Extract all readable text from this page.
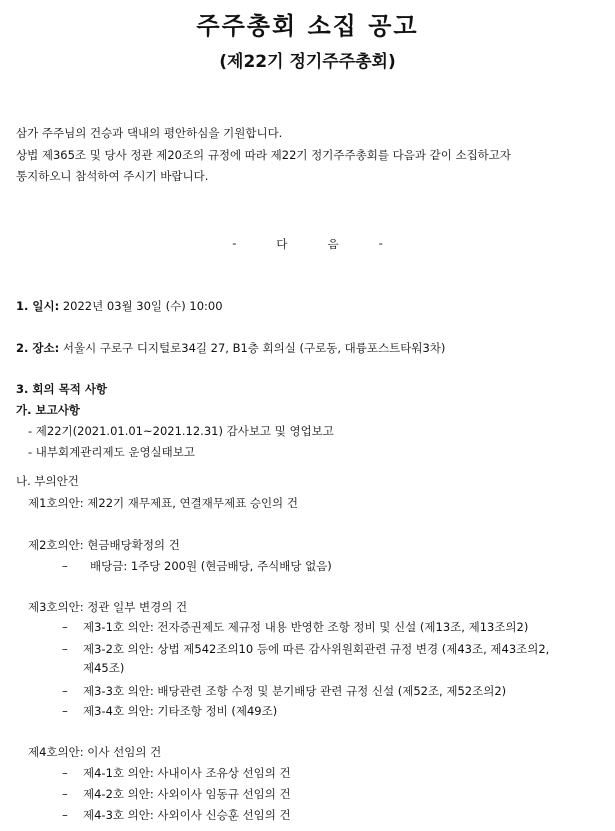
주주총회 소집 공고
(제22기 정기주주총회)
삼가 주주님의 건승과 댁내의 평안하심을 기원합니다.
상법 제365조 및 당사 정관 제20조의 규정에 따라 제22기 정기주주총회를 다음과 같이 소집하고자
통지하오니 참석하여 주시기 바랍니다.
-	다	음	-
1. 일시: 2022년 03월 30일 (수) 10:00
2. 장소: 서울시 구로구 디지털로34길 27, B1층 회의실 (구로동, 대륭포스트타워3차)
3. 회의 목적 사항
가. 보고사항
- 제22기(2021.01.01~2021.12.31) 감사보고 및 영업보고
- 내부회계관리제도 운영실태보고
나. 부의안건
제1호의안: 제22기 재무제표, 연결재무제표 승인의 건
제2호의안: 현금배당확정의 건
– 배당금: 1주당 200원 (현금배당, 주식배당 없음)
제3호의안: 정관 일부 변경의 건
– 제3-1호 의안: 전자증권제도 제규정 내용 반영한 조항 정비 및 신설 (제13조, 제13조의2)
– 제3-2호 의안: 상법 제542조의10 등에 따른 감사위원회관련 규정 변경 (제43조, 제43조의2,
제45조)
– 제3-3호 의안: 배당관련 조항 수정 및 분기배당 관련 규정 신설 (제52조, 제52조의2)
– 제3-4호 의안: 기타조항 정비 (제49조)
제4호의안: 이사 선임의 건
– 제4-1호 의안: 사내이사 조유상 선임의 건
– 제4-2호 의안: 사외이사 임동규 선임의 건
– 제4-3호 의안: 사외이사 신승훈 선임의 건
